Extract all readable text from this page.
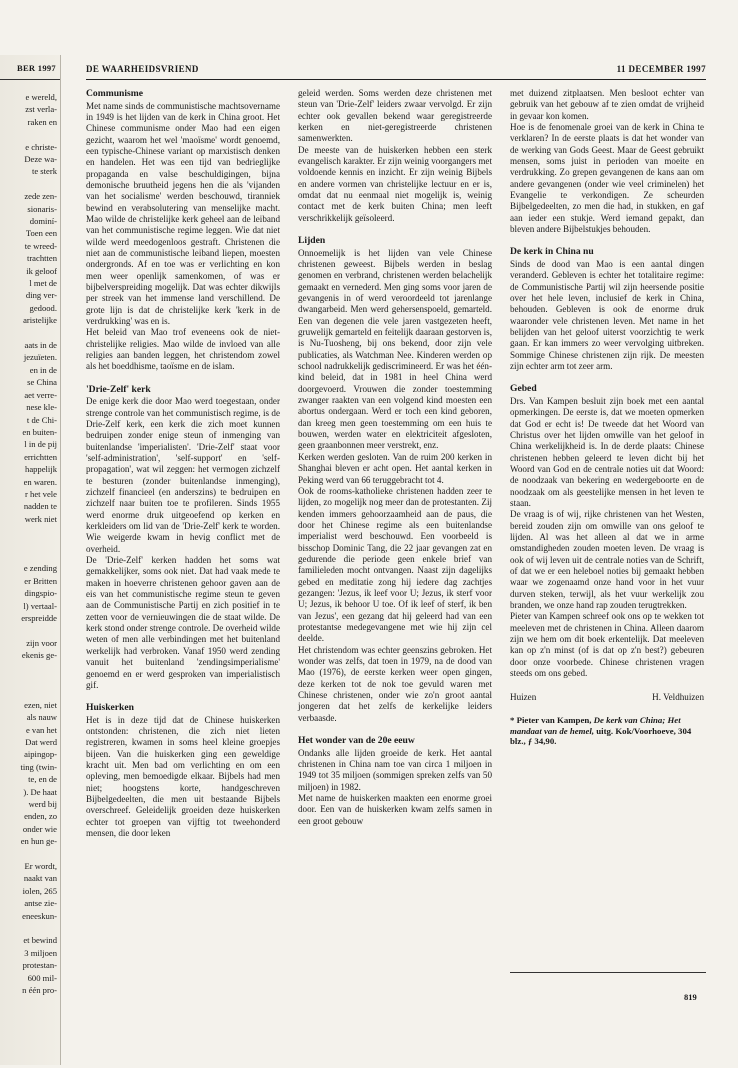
BER 1997
e wereld,
zst verla-
raken en
e christe-
Deze wa-
te sterk
zede zen-
sionaris-
dominí-
Toen een
te wreed-
trachtten
ik geloof
l met de
ding ver-
gedood.
aristelijke
aats in de
jezuïeten.
en in de
se China
aet verre-
nese kle-
t de Chi-
en buiten-
l in de pij
errichtten
happelijk
en waren.
r het vele
nadden te
werk niet
e zending
er Britten
dingspio-
l) vertaal-
erspreidde
zijn voor
ekenis ge-
ezen, niet
als nauw
e van het
Dat werd
aipingop-
ting (twin-
te, en de
). De haat
werd bij
enden, zo
onder wie
en hun ge-
Er wordt,
naakt van
iolen, 265
antse zie-
eneeskun-
et bewind
3 miljoen
protestan-
600 mil-
n één pro-
DE WAARHEIDSVRIEND	11 DECEMBER 1997
Communisme

Met name sinds de communistische machtsovername in 1949 is het lijden van de kerk in China groot. Het Chinese communisme onder Mao had een eigen gezicht, waarom het wel 'maoïsme' wordt genoemd, een typische-Chinese variant op marxistisch denken en handelen. Het was een tijd van bedrieglijke propaganda en valse beschuldigingen, bijna demonische bruutheid jegens hen die als 'vijanden van het socialisme' werden beschouwd, tiranniek bewind en verabsolutering van menselijke macht. Mao wilde de christelijke kerk geheel aan de leiband van het communistische regime leggen. Wie dat niet wilde werd meedogenloos gestraft. Christenen die niet aan de communistische leiband liepen, moesten ondergronds. Af en toe was er verlichting en kon men weer openlijk samenkomen, of was er bijbelverspreiding mogelijk. Dat was echter dikwijls per streek van het immense land verschillend. De grote lijn is dat de christelijke kerk 'kerk in de verdrukking' was en is.

Het beleid van Mao trof eveneens ook de niet-christelijke religies. Mao wilde de invloed van alle religies aan banden leggen, het christendom zowel als het boeddhisme, taoïsme en de islam.

'Drie-Zelf' kerk

De enige kerk die door Mao werd toegestaan, onder strenge controle van het communistisch regime, is de Drie-Zelf kerk, een kerk die zich moet kunnen bedruipen zonder enige steun of inmenging van buitenlandse 'imperialisten'. 'Drie-Zelf' staat voor 'self-administration', 'self-support' en 'self-propagation', wat wil zeggen: het vermogen zichzelf te besturen (zonder buitenlandse inmenging), zichzelf financieel (en anderszins) te bedruipen en zichzelf naar buiten toe te profileren. Sinds 1955 werd enorme druk uitgeoefend op kerken en kerkleiders om lid van de 'Drie-Zelf' kerk te worden. Wie weigerde kwam in hevig conflict met de overheid.

De 'Drie-Zelf' kerken hadden het soms wat gemakkelijker, soms ook niet. Dat had vaak mede te maken in hoeverre christenen gehoor gaven aan de eis van het communistische regime steun te geven aan de Communistische Partij en zich positief in te zetten voor de vernieuwingen die de staat wilde. De kerk stond onder strenge controle. De overheid wilde weten of men alle verbindingen met het buitenland werkelijk had verbroken. Vanaf 1950 werd zending vanuit het buitenland 'zendingsimperialisme' genoemd en er werd gesproken van imperialistisch gif.

Huiskerken

Het is in deze tijd dat de Chinese huiskerken ontstonden: christenen, die zich niet lieten registreren, kwamen in soms heel kleine groepjes bijeen. Van die huiskerken ging een geweldige kracht uit. Men bad om verlichting en om een opleving, men bemoedigde elkaar. Bijbels had men niet; hoogstens korte, handgeschreven Bijbelgedeelten, die men uit bestaande Bijbels overschreef. Geleidelijk groeiden deze huiskerken echter tot groepen van vijftig tot tweehonderd mensen, die door leken

geleid werden. Soms werden deze christenen met steun van 'Drie-Zelf' leiders zwaar vervolgd. Er zijn echter ook gevallen bekend waar geregistreerde kerken en niet-geregistreerde christenen samenwerkten.

De meeste van de huiskerken hebben een sterk evangelisch karakter. Er zijn weinig voorgangers met voldoende kennis en inzicht. Er zijn weinig Bijbels en andere vormen van christelijke lectuur en er is, omdat dat nu eenmaal niet mogelijk is, weinig contact met de kerk buiten China; men leeft verschrikkelijk geïsoleerd.

Lijden

Onnoemelijk is het lijden van vele Chinese christenen geweest. Bijbels werden in beslag genomen en verbrand, christenen werden belachelijk gemaakt en vernederd. Men ging soms voor jaren de gevangenis in of werd veroordeeld tot jarenlange dwangarbeid. Men werd gehersenspoeld, gemarteld. Een van degenen die vele jaren vastgezeten heeft, gruwelijk gemarteld en feitelijk daaraan gestorven is, is Nu-Tuosheng, bij ons bekend, door zijn vele publicaties, als Watchman Nee. Kinderen werden op school nadrukkelijk gediscrimineerd. Er was het één-kind beleid, dat in 1981 in heel China werd doorgevoerd. Vrouwen die zonder toestemming zwanger raakten van een volgend kind moesten een abortus ondergaan. Werd er toch een kind geboren, dan kreeg men geen toestemming om een huis te bouwen, werden water en elektriciteit afgesloten, geen graanbonnen meer verstrekt, enz.

Kerken werden gesloten. Van de ruim 200 kerken in Shanghai bleven er acht open. Het aantal kerken in Peking werd van 66 teruggebracht tot 4.

Ook de rooms-katholieke christenen hadden zeer te lijden, zo mogelijk nog meer dan de protestanten. Zij kenden immers gehoorzaamheid aan de paus, die door het Chinese regime als een buitenlandse imperialist werd beschouwd. Een voorbeeld is bisschop Dominic Tang, die 22 jaar gevangen zat en gedurende die periode geen enkele brief van familieleden mocht ontvangen. Naast zijn dagelijks gebed en meditatie zong hij iedere dag zachtjes gezangen: 'Jezus, ik leef voor U; Jezus, ik sterf voor U; Jezus, ik behoor U toe. Of ik leef of sterf, ik ben van Jezus', een gezang dat hij geleerd had van een protestantse medegevangene met wie hij zijn cel deelde.

Het christendom was echter geenszins gebroken. Het wonder was zelfs, dat toen in 1979, na de dood van Mao (1976), de eerste kerken weer open gingen, deze kerken tot de nok toe gevuld waren met Chinese christenen, onder wie zo'n groot aantal jongeren dat het zelfs de kerkelijke leiders verbaasde.

Het wonder van de 20e eeuw

Ondanks alle lijden groeide de kerk. Het aantal christenen in China nam toe van circa 1 miljoen in 1949 tot 35 miljoen (sommigen spreken zelfs van 50 miljoen) in 1982.

Met name de huiskerken maakten een enorme groei door. Een van de huiskerken kwam zelfs samen in een groot gebouw

met duizend zitplaatsen. Men besloot echter van gebruik van het gebouw af te zien omdat de vrijheid in gevaar kon komen.

Hoe is de fenomenale groei van de kerk in China te verklaren? In de eerste plaats is dat het wonder van de werking van Gods Geest. Maar de Geest gebruikt mensen, soms juist in perioden van moeite en verdrukking. Zo grepen gevangenen de kans aan om andere gevangenen (onder wie veel criminelen) het Evangelie te verkondigen. Ze scheurden Bijbelgedeelten, zo men die had, in stukken, en gaf aan ieder een stukje. Werd iemand gepakt, dan bleven andere Bijbelstukjes behouden.

De kerk in China nu

Sinds de dood van Mao is een aantal dingen veranderd. Gebleven is echter het totalitaire regime: de Communistische Partij wil zijn heersende positie over het hele leven, inclusief de kerk in China, behouden. Gebleven is ook de enorme druk waaronder vele christenen leven. Met name in het belijden van het geloof uiterst voorzichtig te werk gaan. Er kan immers zo weer vervolging uitbreken. Sommige Chinese christenen zijn rijk. De meesten zijn echter arm tot zeer arm.

Gebed

Drs. Van Kampen besluit zijn boek met een aantal opmerkingen. De eerste is, dat we moeten opmerken dat God er echt is! De tweede dat het Woord van Christus over het lijden omwille van het geloof in China werkelijkheid is. In de derde plaats: Chinese christenen hebben geleerd te leven dicht bij het Woord van God en de centrale noties uit dat Woord: de noodzaak van bekering en wedergeboorte en de noodzaak om als geestelijke mensen in het leven te staan.

De vraag is of wij, rijke christenen van het Westen, bereid zouden zijn om omwille van ons geloof te lijden. Al was het alleen al dat we in arme omstandigheden zouden moeten leven. De vraag is ook of wij leven uit de centrale noties van de Schrift, of dat we er een heleboel noties bij gemaakt hebben waar we zogenaamd onze hand voor in het vuur durven steken, terwijl, als het vuur werkelijk zou branden, we onze hand rap zouden terugtrekken.

Pieter van Kampen schreef ook ons op te wekken tot meeleven met de christenen in China. Alleen daarom zijn we hem om dit boek erkentelijk. Dat meeleven kan op z'n minst (of is dat op z'n best?) gebeuren door onze voorbede. Chinese christenen vragen steeds om ons gebed.

Huizen	H. Veldhuizen
* Pieter van Kampen, De kerk van China; Het mandaat van de hemel, uitg. Kok/Voorhoeve, 304 blz., ƒ 34,90.
819
